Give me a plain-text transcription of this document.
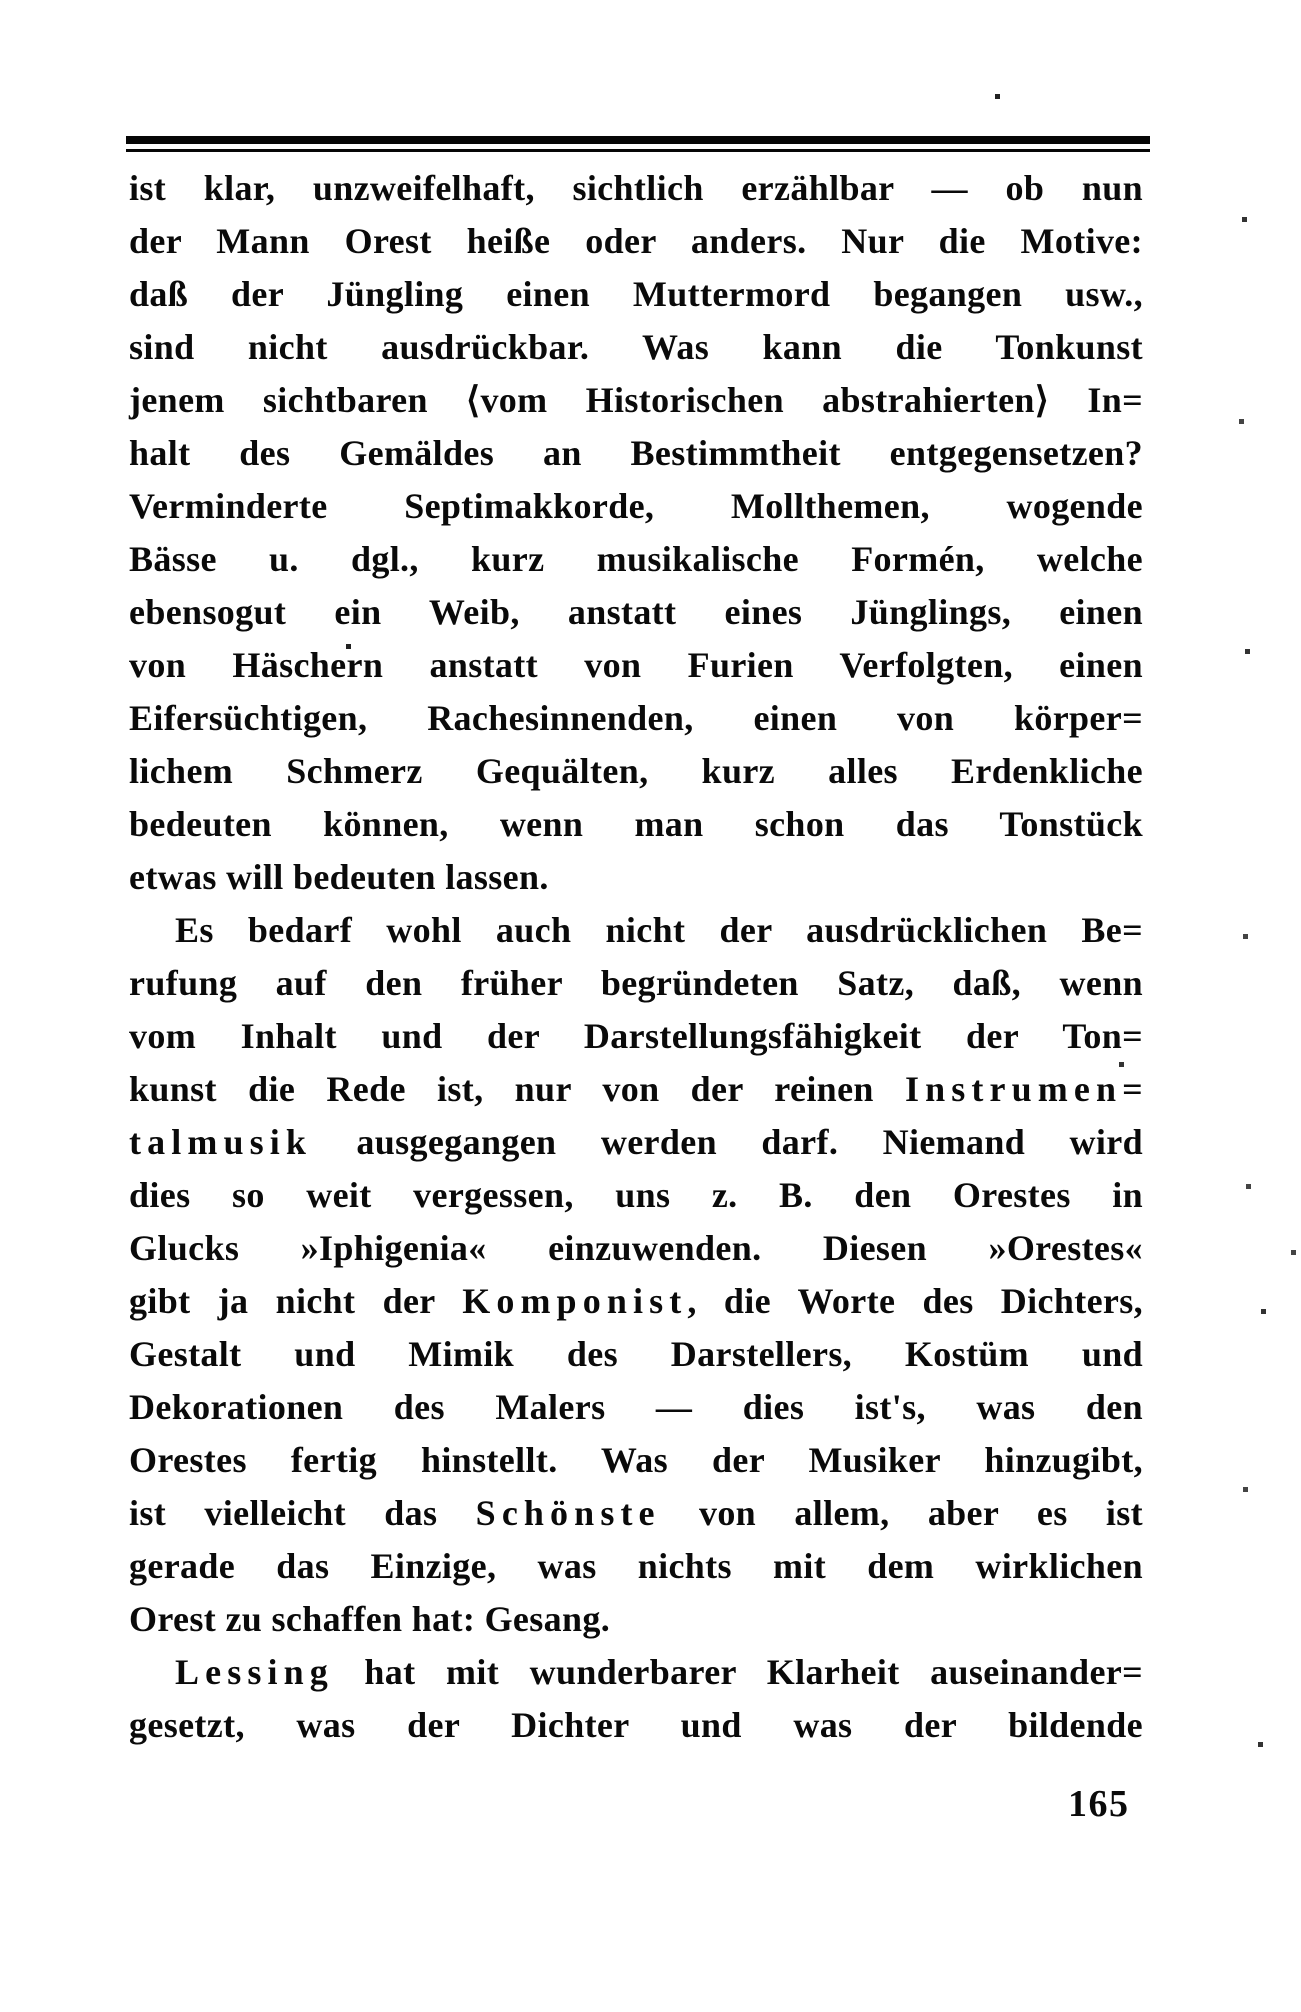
ist klar, unzweifelhaft, sichtlich erzählbar — ob nun
der Mann Orest heiße oder anders. Nur die Motive:
daß der Jüngling einen Muttermord begangen usw.,
sind nicht ausdrückbar. Was kann die Tonkunst
jenem sichtbaren ⟨vom Historischen abstrahierten⟩ In=
halt des Gemäldes an Bestimmtheit entgegensetzen?
Verminderte Septimakkorde, Mollthemen, wogende
Bässe u. dgl., kurz musikalische Formén, welche
ebensogut ein Weib, anstatt eines Jünglings, einen
von Häschern anstatt von Furien Verfolgten, einen
Eifersüchtigen, Rachesinnenden, einen von körper=
lichem Schmerz Gequälten, kurz alles Erdenkliche
bedeuten können, wenn man schon das Tonstück
etwas will bedeuten lassen.
Es bedarf wohl auch nicht der ausdrücklichen Be=
rufung auf den früher begründeten Satz, daß, wenn
vom Inhalt und der Darstellungsfähigkeit der Ton=
kunst die Rede ist, nur von der reinen Instrumen=
talmusik ausgegangen werden darf. Niemand wird
dies so weit vergessen, uns z. B. den Orestes in
Glucks »Iphigenia« einzuwenden. Diesen »Orestes«
gibt ja nicht der Komponist, die Worte des Dichters,
Gestalt und Mimik des Darstellers, Kostüm und
Dekorationen des Malers — dies ist's, was den
Orestes fertig hinstellt. Was der Musiker hinzugibt,
ist vielleicht das Schönste von allem, aber es ist
gerade das Einzige, was nichts mit dem wirklichen
Orest zu schaffen hat: Gesang.
Lessing hat mit wunderbarer Klarheit auseinander=
gesetzt, was der Dichter und was der bildende
165
